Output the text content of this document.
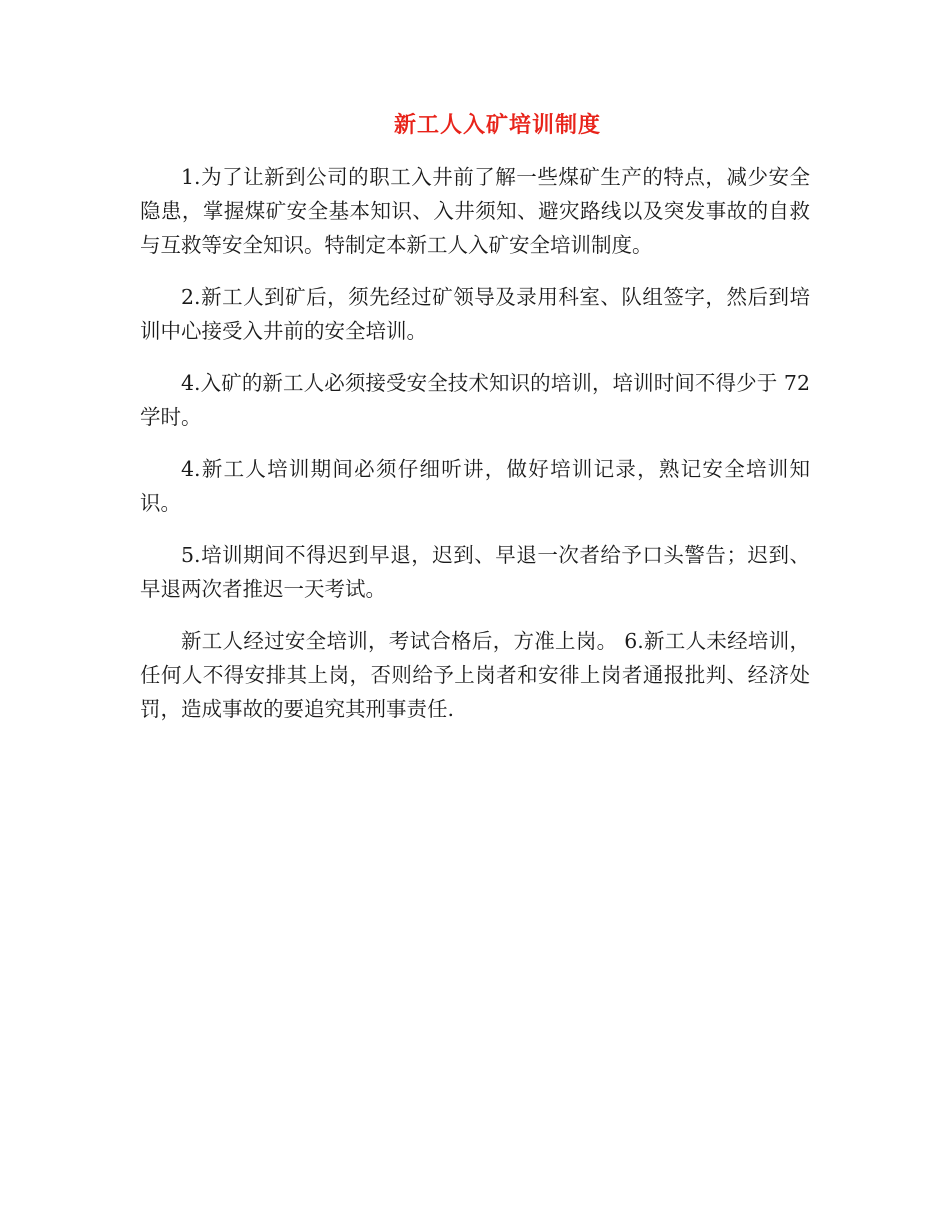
新工人入矿培训制度

1.为了让新到公司的职工入井前了解一些煤矿生产的特点，减少安全隐患，掌握煤矿安全基本知识、入井须知、避灾路线以及突发事故的自救与互救等安全知识。特制定本新工人入矿安全培训制度。

2.新工人到矿后，须先经过矿领导及录用科室、队组签字，然后到培训中心接受入井前的安全培训。

4.入矿的新工人必须接受安全技术知识的培训，培训时间不得少于 72 学时。

4.新工人培训期间必须仔细听讲，做好培训记录，熟记安全培训知识。

5.培训期间不得迟到早退，迟到、早退一次者给予口头警告；迟到、早退两次者推迟一天考试。

新工人经过安全培训，考试合格后，方准上岗。 6.新工人未经培训，任何人不得安排其上岗，否则给予上岗者和安徘上岗者通报批判、经济处罚，造成事故的要追究其刑事责任.
